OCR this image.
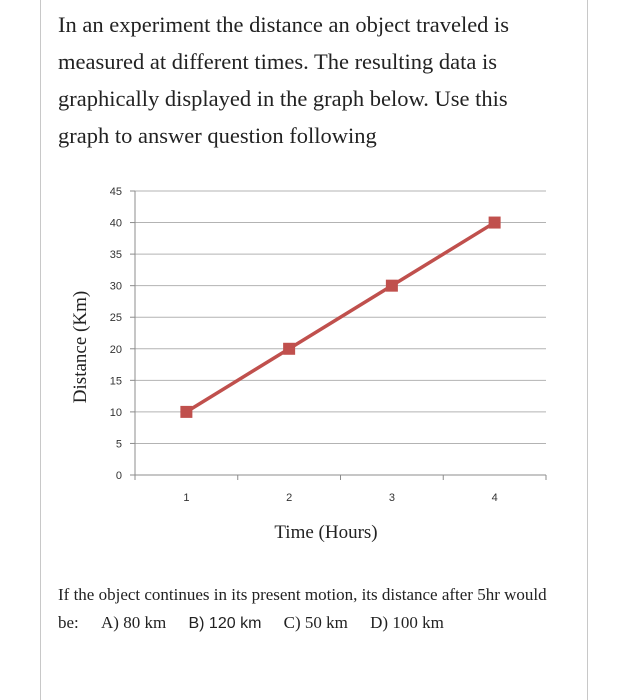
In an experiment the distance an object traveled is measured at different times. The resulting data is graphically displayed in the graph below. Use this graph to answer question following

0
5
10
15
20
25
30
35
40
45
1	2	3	4
Time (Hours)
Distance (Km)

If the object continues in its present motion, its distance after 5hr would be: A) 80 km B) 120 km C) 50 km D) 100 km
